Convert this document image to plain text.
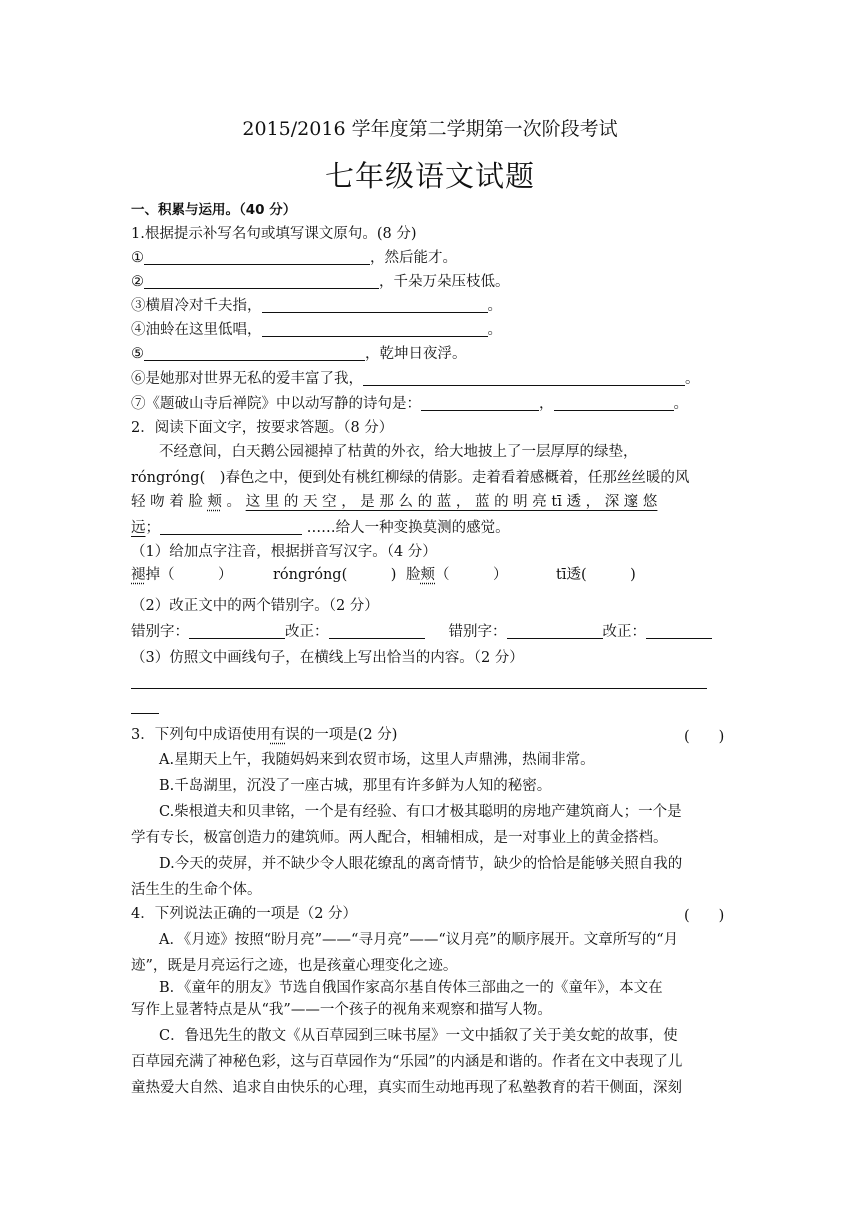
2015/2016 学年度第二学期第一次阶段考试
七年级语文试题
一、积累与运用。（40 分）
1.根据提示补写名句或填写课文原句。(8 分)
①	，然后能才。
②	，千朵万朵压枝低。
③横眉冷对千夫指，	。
④油蛉在这里低唱，	。
⑤	，乾坤日夜浮。
⑥是她那对世界无私的爱丰富了我，	。
⑦《题破山寺后禅院》中以动写静的诗句是：	，	。
2．阅读下面文字，按要求答题。（8 分）
不经意间，白天鹅公园褪掉了枯黄的外衣，给大地披上了一层厚厚的绿垫，
róngróng(　)春色之中，便到处有桃红柳绿的倩影。走着看着感概着，任那丝丝暖的风
轻 吻 着 脸 颊 。 这 里 的 天 空 ， 是 那 么 的 蓝 ， 蓝 的 明 亮 tī 透 ， 深 邃 悠
远；	……给人一种变换莫测的感觉。
（1）给加点字注音，根据拼音写汉字。（4 分）
褪掉（　　　）	róngróng(　　　) 脸颊（　　　）	tī透(　　　)
（2）改正文中的两个错别字。（2 分）
错别字：	改正：	错别字：	改正：
（3）仿照文中画线句子，在横线上写出恰当的内容。（2 分）
3．下列句中成语使用有误的一项是(2 分)	(　　)
A.星期天上午，我随妈妈来到农贸市场，这里人声鼎沸，热闹非常。
B.千岛湖里，沉没了一座古城，那里有许多鲜为人知的秘密。
C.柴根道夫和贝聿铭，一个是有经验、有口才极其聪明的房地产建筑商人；一个是
学有专长，极富创造力的建筑师。两人配合，相辅相成，是一对事业上的黄金搭档。
D.今天的荧屏，并不缺少令人眼花缭乱的离奇情节，缺少的恰恰是能够关照自我的
活生生的生命个体。
4．下列说法正确的一项是（2 分）	(　　)
A．《月迹》按照“盼月亮”——“寻月亮”——“议月亮”的顺序展开。文章所写的“月
迹”，既是月亮运行之迹，也是孩童心理变化之迹。
B．《童年的朋友》节选自俄国作家高尔基自传体三部曲之一的《童年》，本文在
写作上显著特点是从“我”——一个孩子的视角来观察和描写人物。
C．鲁迅先生的散文《从百草园到三味书屋》一文中插叙了关于美女蛇的故事，使
百草园充满了神秘色彩，这与百草园作为“乐园”的内涵是和谐的。作者在文中表现了儿
童热爱大自然、追求自由快乐的心理，真实而生动地再现了私塾教育的若干侧面，深刻
